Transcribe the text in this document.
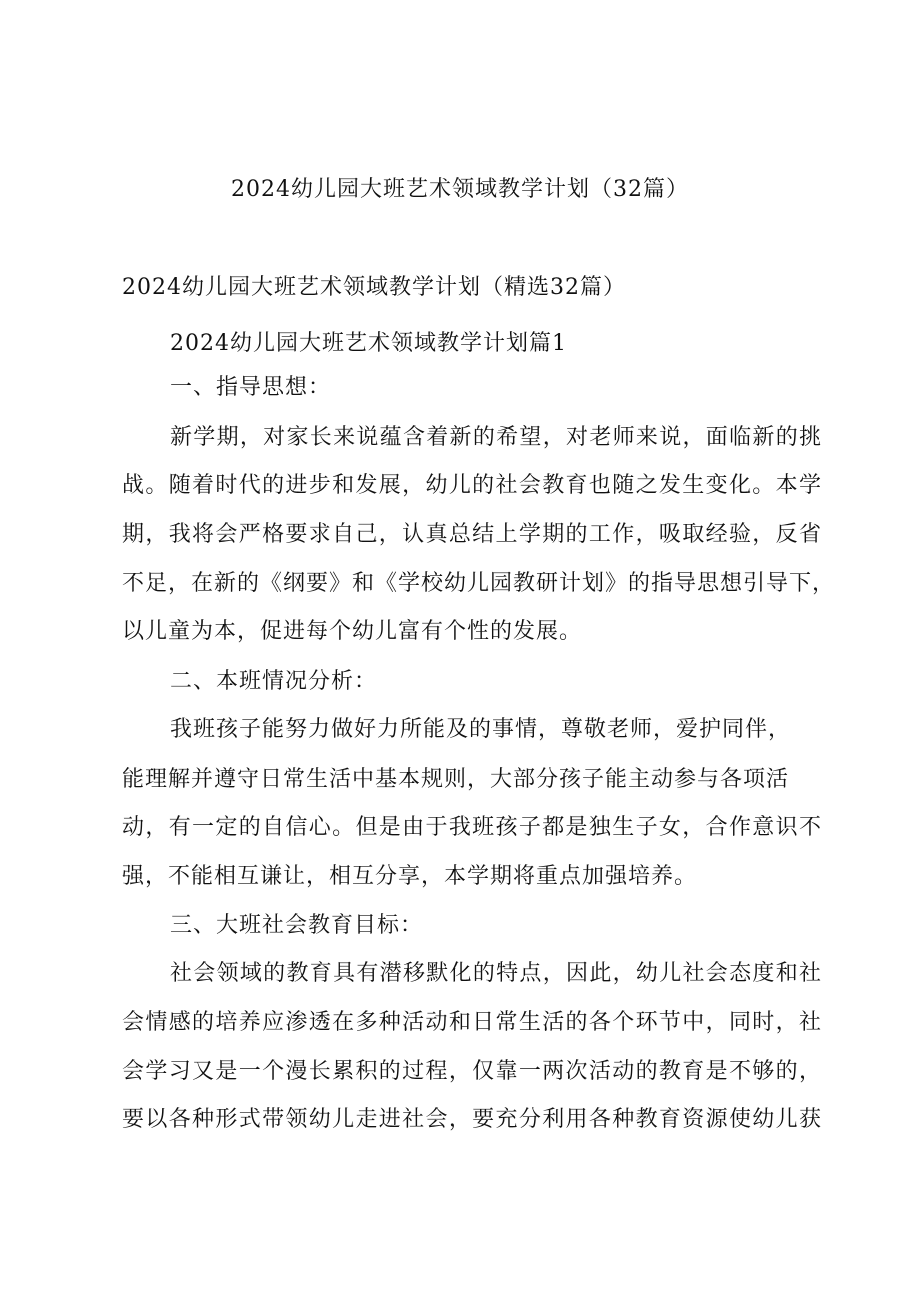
2024幼儿园大班艺术领域教学计划（32篇）
2024幼儿园大班艺术领域教学计划（精选32篇）
2024幼儿园大班艺术领域教学计划篇1
一、指导思想：
新学期，对家长来说蕴含着新的希望，对老师来说，面临新的挑
战。随着时代的进步和发展，幼儿的社会教育也随之发生变化。本学
期，我将会严格要求自己，认真总结上学期的工作，吸取经验，反省
不足，在新的《纲要》和《学校幼儿园教研计划》的指导思想引导下，
以儿童为本，促进每个幼儿富有个性的发展。
二、本班情况分析：
我班孩子能努力做好力所能及的事情，尊敬老师，爱护同伴，
能理解并遵守日常生活中基本规则，大部分孩子能主动参与各项活
动，有一定的自信心。但是由于我班孩子都是独生子女，合作意识不
强，不能相互谦让，相互分享，本学期将重点加强培养。
三、大班社会教育目标：
社会领域的教育具有潜移默化的特点，因此，幼儿社会态度和社
会情感的培养应渗透在多种活动和日常生活的各个环节中，同时，社
会学习又是一个漫长累积的过程，仅靠一两次活动的教育是不够的，
要以各种形式带领幼儿走进社会，要充分利用各种教育资源使幼儿获
